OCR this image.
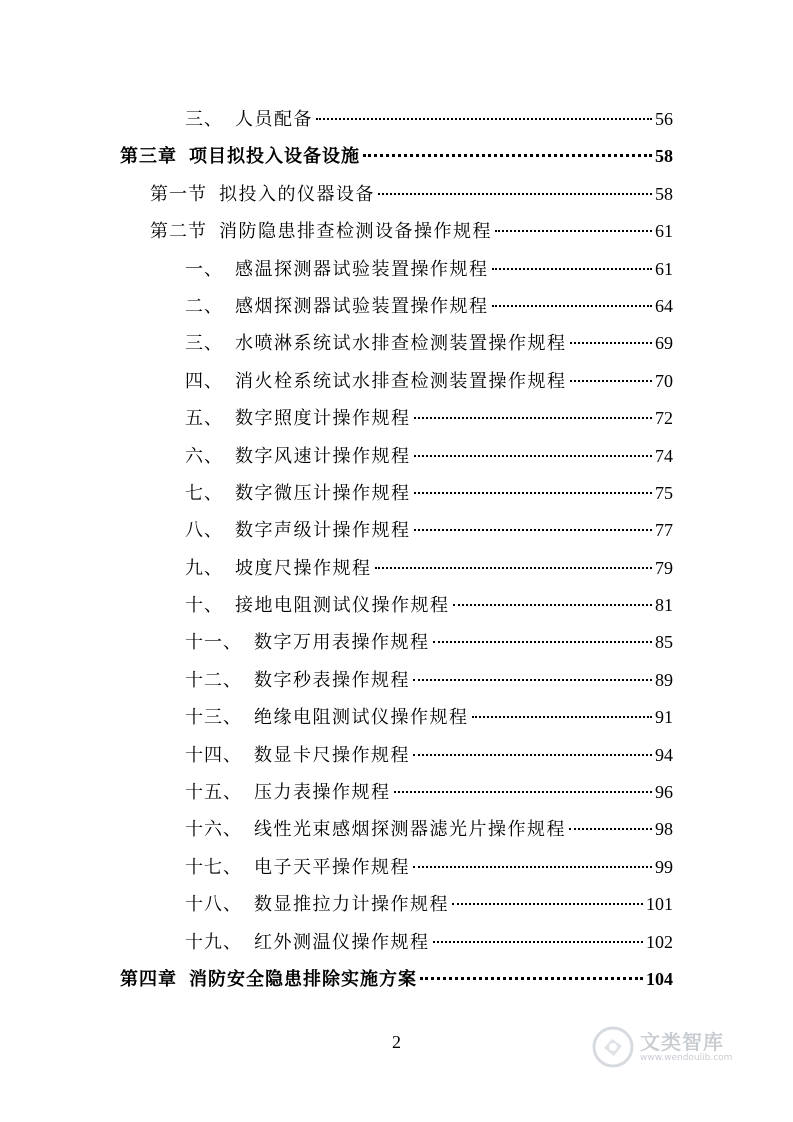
三、 人员配备	56
第三章 项目拟投入设备设施	58
第一节 拟投入的仪器设备	58
第二节 消防隐患排查检测设备操作规程	61
一、 感温探测器试验装置操作规程	61
二、 感烟探测器试验装置操作规程	64
三、 水喷淋系统试水排查检测装置操作规程	69
四、 消火栓系统试水排查检测装置操作规程	70
五、 数字照度计操作规程	72
六、 数字风速计操作规程	74
七、 数字微压计操作规程	75
八、 数字声级计操作规程	77
九、 坡度尺操作规程	79
十、 接地电阻测试仪操作规程	81
十一、 数字万用表操作规程	85
十二、 数字秒表操作规程	89
十三、 绝缘电阻测试仪操作规程	91
十四、 数显卡尺操作规程	94
十五、 压力表操作规程	96
十六、 线性光束感烟探测器滤光片操作规程	98
十七、 电子天平操作规程	99
十八、 数显推拉力计操作规程	101
十九、 红外测温仪操作规程	102
第四章 消防安全隐患排除实施方案	104
2	文类智库
www.wendoulib.com
